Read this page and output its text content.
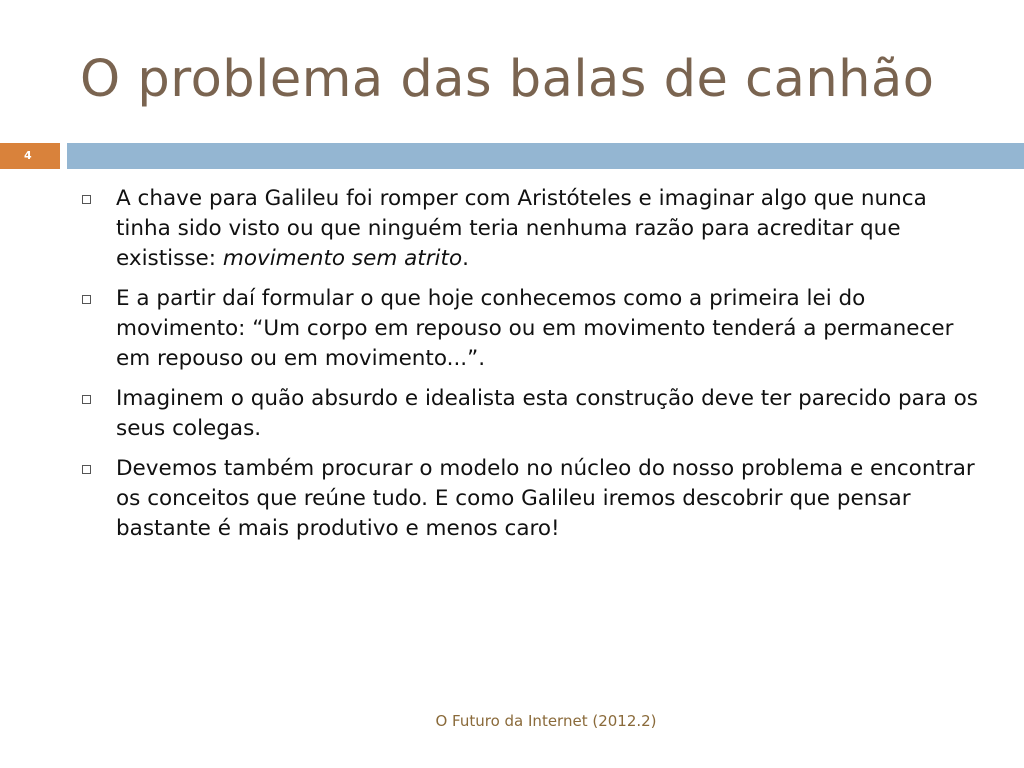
O problema das balas de canhão
4
A chave para Galileu foi romper com Aristóteles e imaginar algo que nunca tinha sido visto ou que ninguém teria nenhuma razão para acreditar que existisse: movimento sem atrito.
E a partir daí formular o que hoje conhecemos como a primeira lei do movimento: “Um corpo em repouso ou em movimento tenderá a permanecer em repouso ou em movimento...”.
Imaginem o quão absurdo e idealista esta construção deve ter parecido para os seus colegas.
Devemos também procurar o modelo no núcleo do nosso problema e encontrar os conceitos que reúne tudo. E como Galileu iremos descobrir que pensar bastante é mais produtivo e menos caro!
O Futuro da Internet (2012.2)
